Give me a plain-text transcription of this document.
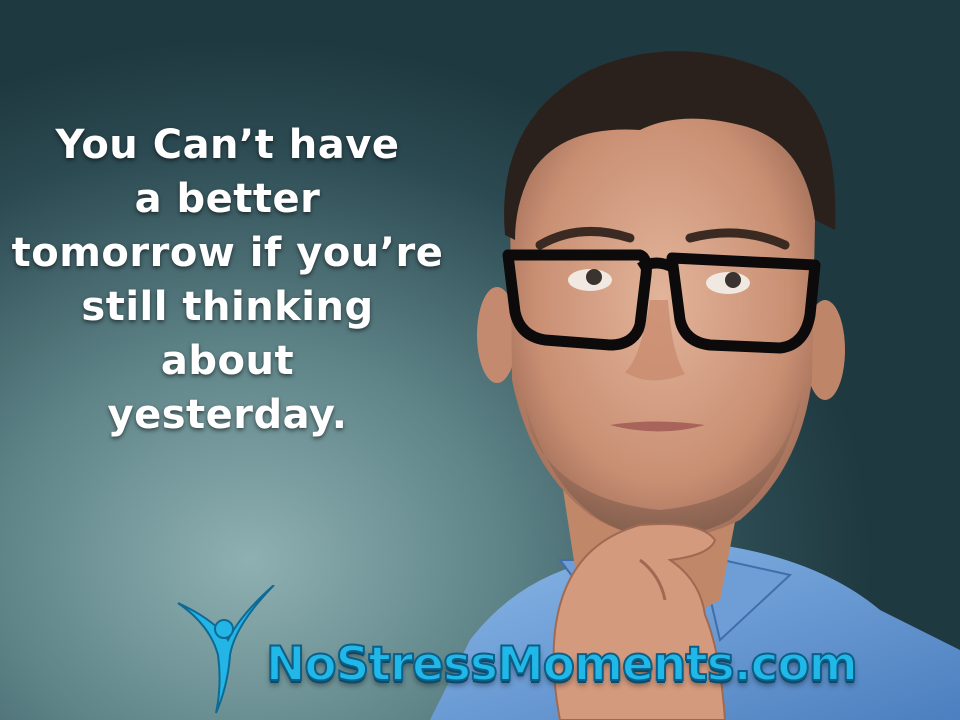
You Can’t have
a better
tomorrow if you’re
still thinking
about
yesterday.
NoStressMoments.com
